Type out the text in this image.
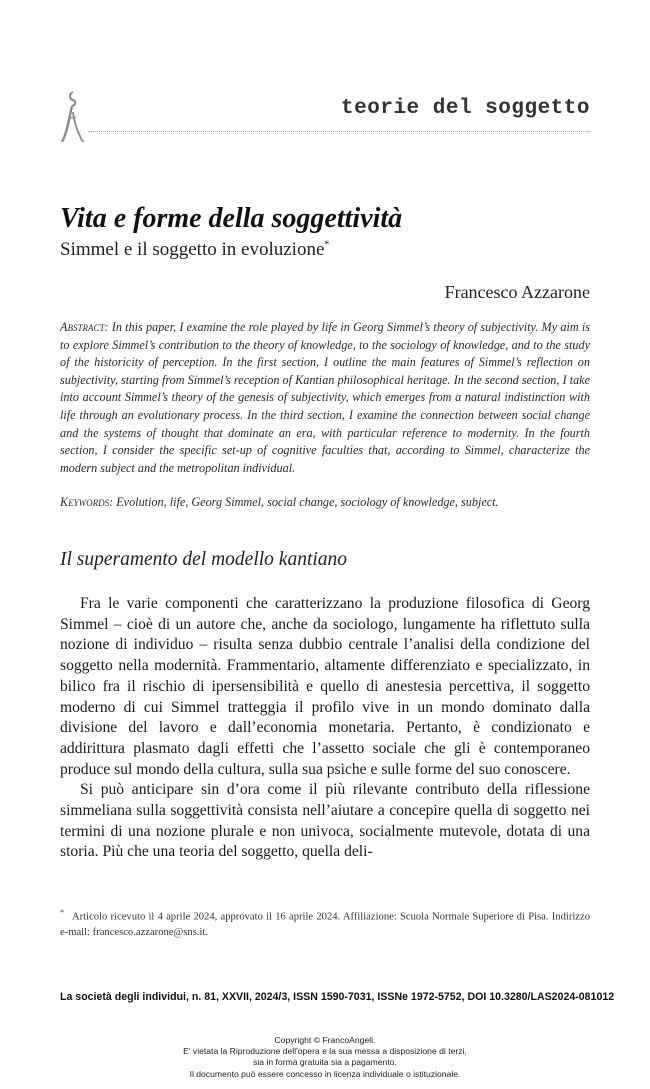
teorie del soggetto
Vita e forme della soggettività
Simmel e il soggetto in evoluzione*
Francesco Azzarone
Abstract: In this paper, I examine the role played by life in Georg Simmel’s theory of subjectivity. My aim is to explore Simmel’s contribution to the theory of knowledge, to the sociology of knowledge, and to the study of the historicity of perception. In the first section, I outline the main features of Simmel’s reflection on subjectivity, starting from Simmel’s reception of Kantian philosophical heritage. In the second section, I take into account Simmel’s theory of the genesis of subjectivity, which emerges from a natural indistinction with life through an evolutionary process. In the third section, I examine the connection between social change and the systems of thought that dominate an era, with particular reference to modernity. In the fourth section, I consider the specific set-up of cognitive faculties that, according to Simmel, characterize the modern subject and the metropolitan individual.
Keywords: Evolution, life, Georg Simmel, social change, sociology of knowledge, subject.
Il superamento del modello kantiano

Fra le varie componenti che caratterizzano la produzione filosofica di Georg Simmel – cioè di un autore che, anche da sociologo, lungamente ha riflettuto sulla nozione di individuo – risulta senza dubbio centrale l’analisi della condizione del soggetto nella modernità. Frammentario, altamente differenziato e specializzato, in bilico fra il rischio di ipersensibilità e quello di anestesia percettiva, il soggetto moderno di cui Simmel tratteggia il profilo vive in un mondo dominato dalla divisione del lavoro e dall’economia monetaria. Pertanto, è condizionato e addirittura plasmato dagli effetti che l’assetto sociale che gli è contemporaneo produce sul mondo della cultura, sulla sua psiche e sulle forme del suo conoscere.

Si può anticipare sin d’ora come il più rilevante contributo della riflessione simmeliana sulla soggettività consista nell’aiutare a concepire quella di soggetto nei termini di una nozione plurale e non univoca, socialmente mutevole, dotata di una storia. Più che una teoria del soggetto, quella deli-

* Articolo ricevuto il 4 aprile 2024, approvato il 16 aprile 2024. Affiliazione: Scuola Normale Superiore di Pisa. Indirizzo e-mail: francesco.azzarone@sns.it.
La società degli individui, n. 81, XXVII, 2024/3, ISSN 1590-7031, ISSNe 1972-5752, DOI 10.3280/LAS2024-081012
Copyright © FrancoAngeli.
E' vietata la Riproduzione dell'opera e la sua messa a disposizione di terzi,
sia in forma gratuita sia a pagamento.
Il documento può essere concesso in licenza individuale o istituzionale.
